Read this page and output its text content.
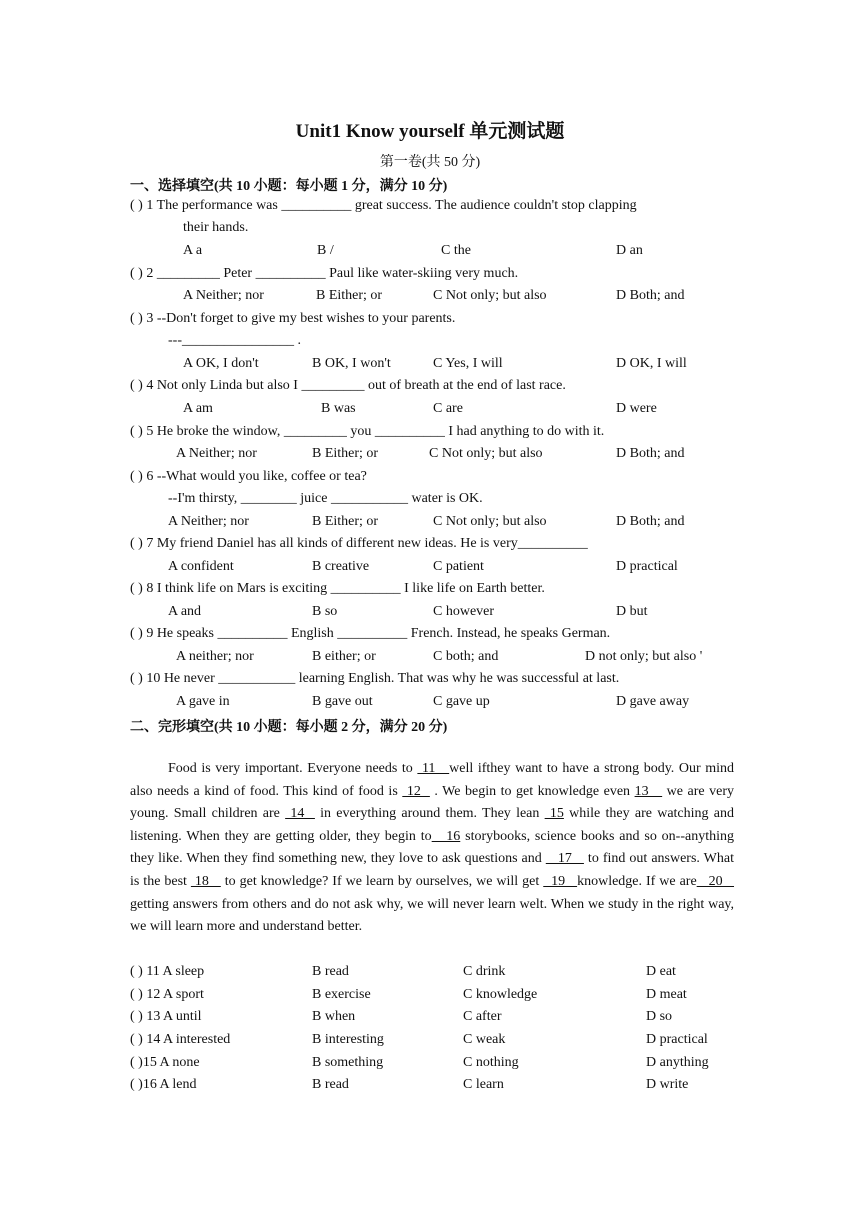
Unit1 Know yourself 单元测试题
第一卷(共 50 分)
一、选择填空(共 10 小题：每小题 1 分，满分 10 分)
( ) 1 The performance was __________ great success. The audience couldn't stop clapping
their hands.
A a	B /	C the	D an
( ) 2 _________ Peter __________ Paul like water-skiing very much.
A Neither; nor	B Either; or	C Not only; but also	D Both; and
( ) 3 --Don't forget to give my best wishes to your parents.
---________________ .
A OK, I don't	B OK, I won't	C Yes, I will	D OK, I will
( ) 4 Not only Linda but also I _________ out of breath at the end of last race.
A am	B was	C are	D were
( ) 5 He broke the window, _________ you __________ I had anything to do with it.
A Neither; nor	B Either; or	C Not only; but also	D Both; and
( ) 6 --What would you like, coffee or tea?
--I'm thirsty, ________ juice ___________ water is OK.
A Neither; nor	B Either; or	C Not only; but also	D Both; and
( ) 7 My friend Daniel has all kinds of different new ideas. He is very__________
A confident	B creative	C patient	D practical
( ) 8 I think life on Mars is exciting __________ I like life on Earth better.
A and	B so	C however	D but
( ) 9 He speaks __________ English __________ French. Instead, he speaks German.
A neither; nor	B either; or	C both; and	D not only; but also '
( ) 10 He never ___________ learning English. That was why he was successful at last.
A gave in	B gave out	C gave up	D gave away
二、完形填空(共 10 小题：每小题 2 分，满分 20 分)
Food is very important. Everyone needs to  11   well ifthey want to have a strong body. Our mind also needs a kind of food. This kind of food is  12   . We begin to get knowledge even 13    we are very young. Small children are  14   in everything around them. They lean  15 while they are watching and listening. When they are getting older, they begin to   16 storybooks, science books and so on--anything they like. When they find something new, they love to ask questions and    17    to find out answers. What is the best  18    to get knowledge? If we learn by ourselves, we will get   19   knowledge. If we are   20    getting answers from others and do not ask why, we will never learn welt. When we study in the right way, we will learn more and understand better.
( ) 11 A sleep	B read	C drink	D eat
( ) 12 A sport	B exercise	C knowledge	D meat
( ) 13 A until	B when	C after	D so
( ) 14 A interested	B interesting	C weak	D practical
( )15 A none	B something	C nothing	D anything
( )16 A lend	B read	C learn	D write
